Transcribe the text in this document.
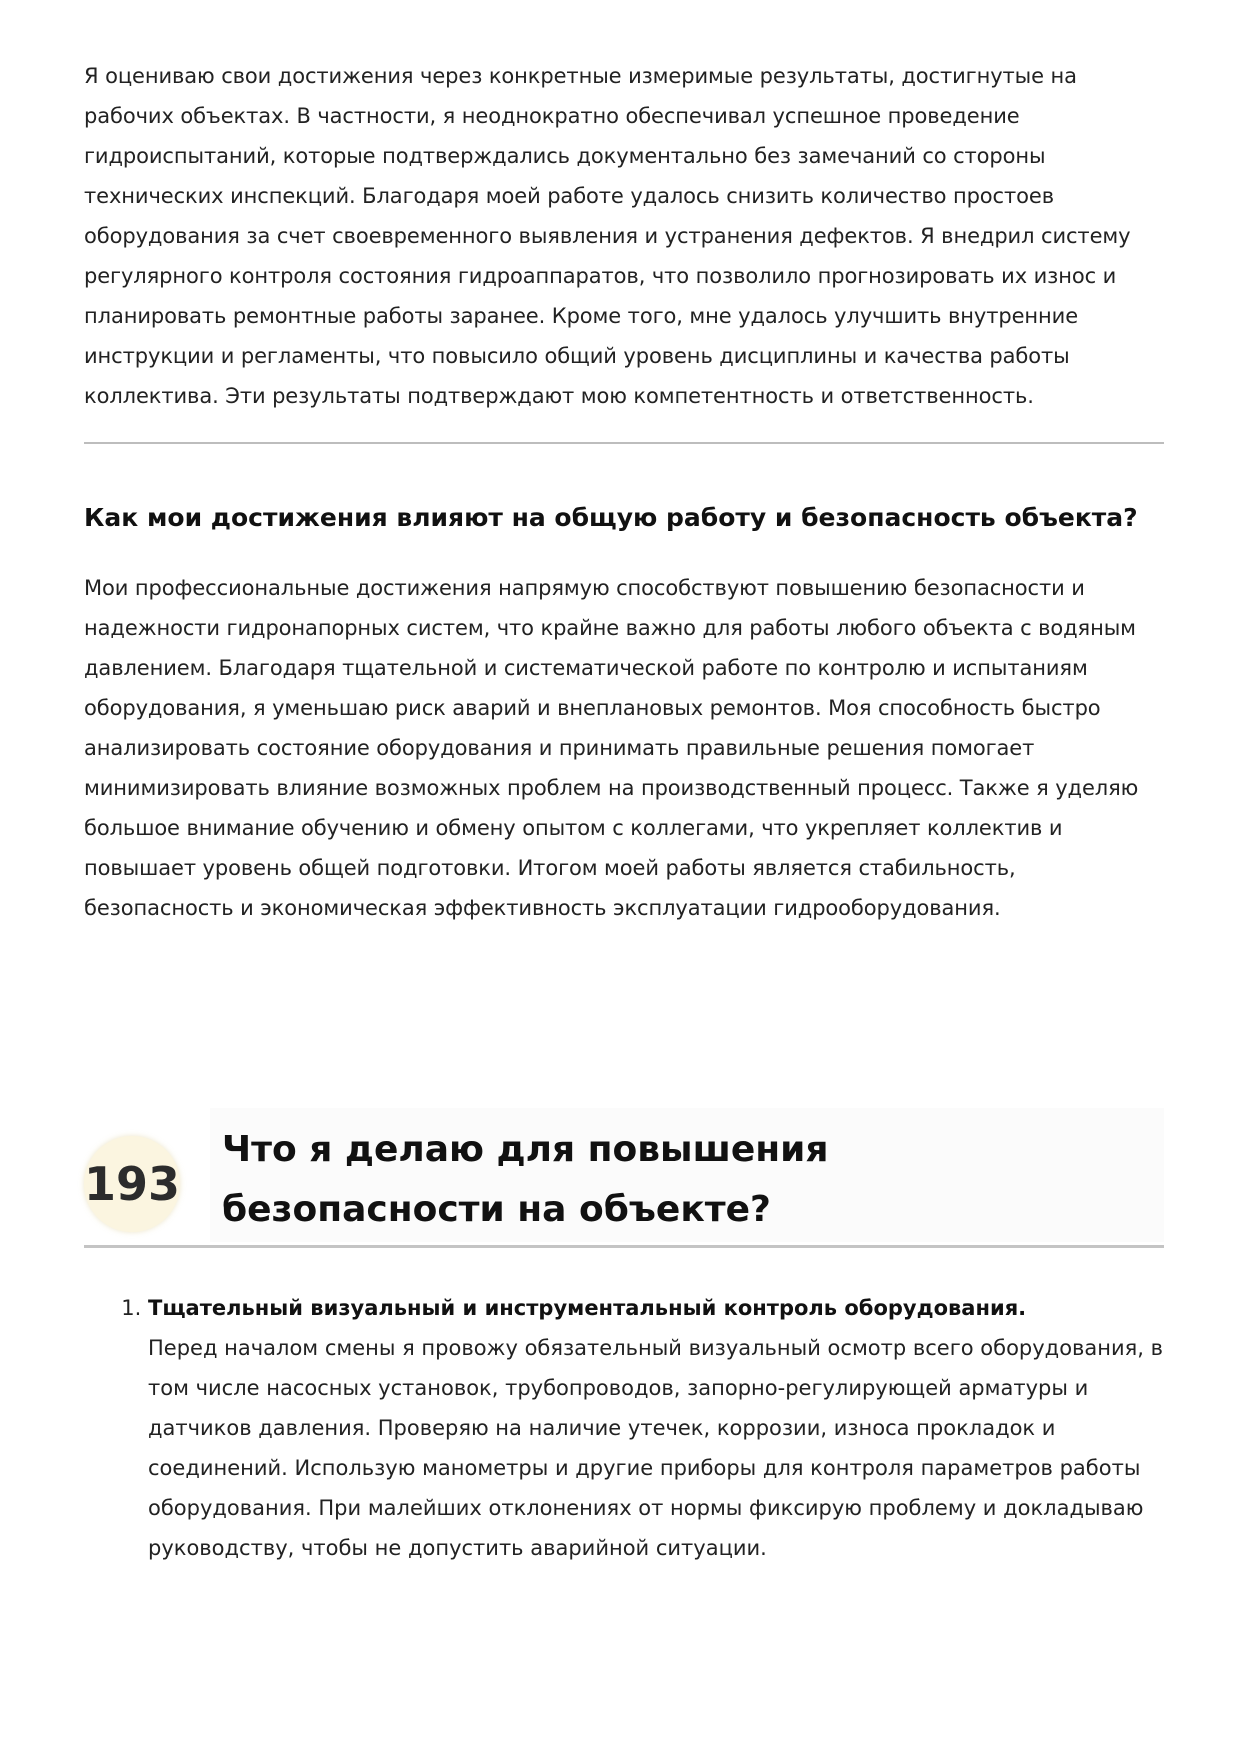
Я оцениваю свои достижения через конкретные измеримые результаты, достигнутые на рабочих объектах. В частности, я неоднократно обеспечивал успешное проведение гидроиспытаний, которые подтверждались документально без замечаний со стороны технических инспекций. Благодаря моей работе удалось снизить количество простоев оборудования за счет своевременного выявления и устранения дефектов. Я внедрил систему регулярного контроля состояния гидроаппаратов, что позволило прогнозировать их износ и планировать ремонтные работы заранее. Кроме того, мне удалось улучшить внутренние инструкции и регламенты, что повысило общий уровень дисциплины и качества работы коллектива. Эти результаты подтверждают мою компетентность и ответственность.

Как мои достижения влияют на общую работу и безопасность объекта?

Мои профессиональные достижения напрямую способствуют повышению безопасности и надежности гидронапорных систем, что крайне важно для работы любого объекта с водяным давлением. Благодаря тщательной и систематической работе по контролю и испытаниям оборудования, я уменьшаю риск аварий и внеплановых ремонтов. Моя способность быстро анализировать состояние оборудования и принимать правильные решения помогает минимизировать влияние возможных проблем на производственный процесс. Также я уделяю большое внимание обучению и обмену опытом с коллегами, что укрепляет коллектив и повышает уровень общей подготовки. Итогом моей работы является стабильность, безопасность и экономическая эффективность эксплуатации гидрооборудования.

193
Что я делаю для повышения безопасности на объекте?
1. Тщательный визуальный и инструментальный контроль оборудования.
Перед началом смены я провожу обязательный визуальный осмотр всего оборудования, в том числе насосных установок, трубопроводов, запорно-регулирующей арматуры и датчиков давления. Проверяю на наличие утечек, коррозии, износа прокладок и соединений. Использую манометры и другие приборы для контроля параметров работы оборудования. При малейших отклонениях от нормы фиксирую проблему и докладываю руководству, чтобы не допустить аварийной ситуации.
